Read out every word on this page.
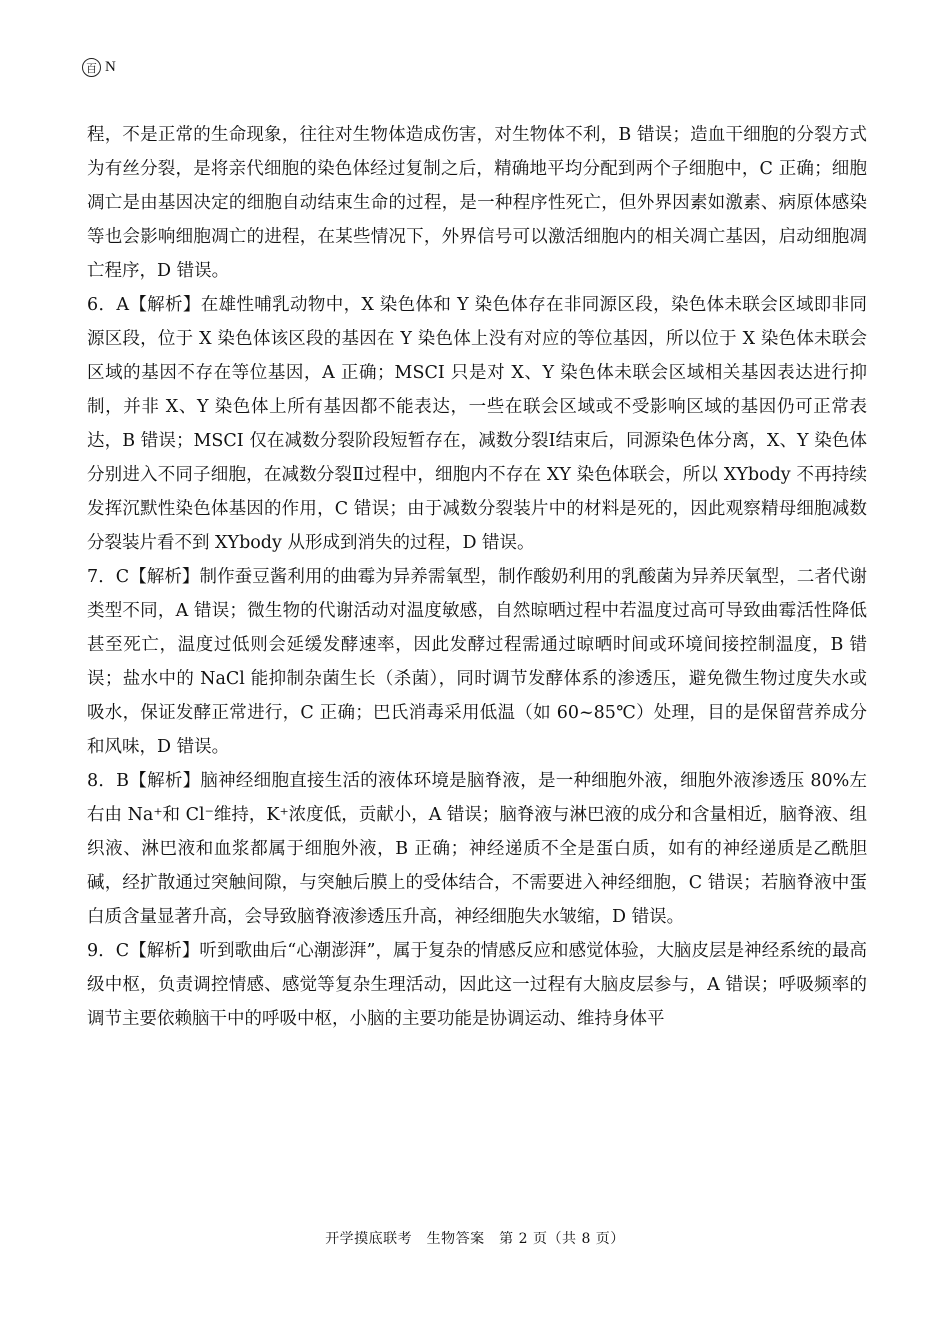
百 N

程，不是正常的生命现象，往往对生物体造成伤害，对生物体不利，B 错误；造血干细胞的分裂方式为有丝分裂，是将亲代细胞的染色体经过复制之后，精确地平均分配到两个子细胞中，C 正确；细胞凋亡是由基因决定的细胞自动结束生命的过程，是一种程序性死亡，但外界因素如激素、病原体感染等也会影响细胞凋亡的进程，在某些情况下，外界信号可以激活细胞内的相关凋亡基因，启动细胞凋亡程序，D 错误。

6．A【解析】在雄性哺乳动物中，X 染色体和 Y 染色体存在非同源区段，染色体未联会区域即非同源区段，位于 X 染色体该区段的基因在 Y 染色体上没有对应的等位基因，所以位于 X 染色体未联会区域的基因不存在等位基因，A 正确；MSCI 只是对 X、Y 染色体未联会区域相关基因表达进行抑制，并非 X、Y 染色体上所有基因都不能表达，一些在联会区域或不受影响区域的基因仍可正常表达，B 错误；MSCI 仅在减数分裂阶段短暂存在，减数分裂Ⅰ结束后，同源染色体分离，X、Y 染色体分别进入不同子细胞，在减数分裂Ⅱ过程中，细胞内不存在 XY 染色体联会，所以 XYbody 不再持续发挥沉默性染色体基因的作用，C 错误；由于减数分裂装片中的材料是死的，因此观察精母细胞减数分裂装片看不到 XYbody 从形成到消失的过程，D 错误。

7．C【解析】制作蚕豆酱利用的曲霉为异养需氧型，制作酸奶利用的乳酸菌为异养厌氧型，二者代谢类型不同，A 错误；微生物的代谢活动对温度敏感，自然晾晒过程中若温度过高可导致曲霉活性降低甚至死亡，温度过低则会延缓发酵速率，因此发酵过程需通过晾晒时间或环境间接控制温度，B 错误；盐水中的 NaCl 能抑制杂菌生长（杀菌），同时调节发酵体系的渗透压，避免微生物过度失水或吸水，保证发酵正常进行，C 正确；巴氏消毒采用低温（如 60~85℃）处理，目的是保留营养成分和风味，D 错误。

8．B【解析】脑神经细胞直接生活的液体环境是脑脊液，是一种细胞外液，细胞外液渗透压 80%左右由 Na⁺和 Cl⁻维持，K⁺浓度低，贡献小，A 错误；脑脊液与淋巴液的成分和含量相近，脑脊液、组织液、淋巴液和血浆都属于细胞外液，B 正确；神经递质不全是蛋白质，如有的神经递质是乙酰胆碱，经扩散通过突触间隙，与突触后膜上的受体结合，不需要进入神经细胞，C 错误；若脑脊液中蛋白质含量显著升高，会导致脑脊液渗透压升高，神经细胞失水皱缩，D 错误。

9．C【解析】听到歌曲后“心潮澎湃”，属于复杂的情感反应和感觉体验，大脑皮层是神经系统的最高级中枢，负责调控情感、感觉等复杂生理活动，因此这一过程有大脑皮层参与，A 错误；呼吸频率的调节主要依赖脑干中的呼吸中枢，小脑的主要功能是协调运动、维持身体平

开学摸底联考　生物答案　第 2 页（共 8 页）
